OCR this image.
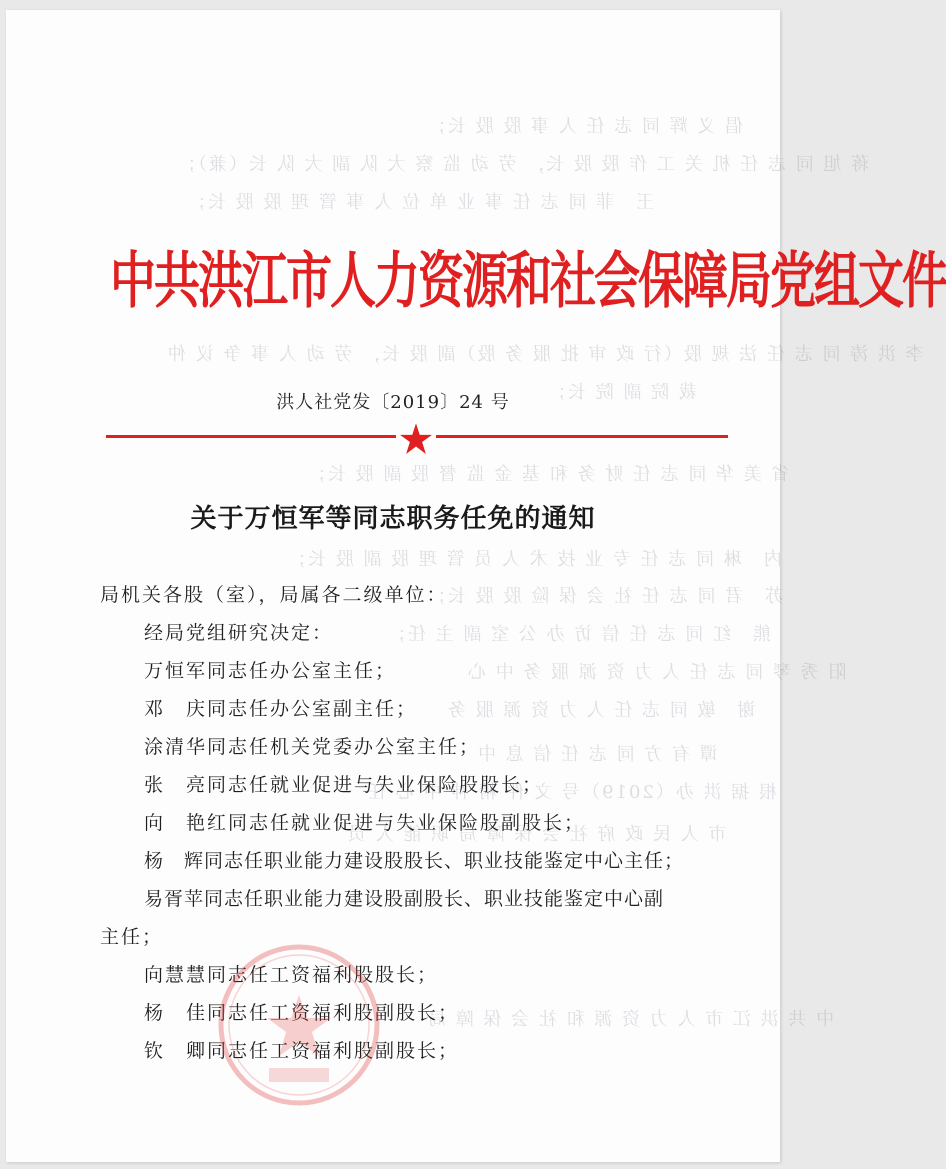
倡 义 辉 同 志 任 人 事 股 股 长；
蒋 旭 同 志 任 机 关 工 作 股 股 长， 劳 动 监 察 大 队 副 大 队 长（兼）；
王　菲 同 志 任 事 业 单 位 人 事 管 理 股 股 长；
李 洪 涛 同 志 任 法 规 股（行 政 审 批 服 务 股）副 股 长， 劳 动 人 事 争 议 仲
裁 院 副 院 长；
省 美 华 同 志 任 财 务 和 基 金 监 督 股 副 股 长；
内　琳 同 志 任 专 业 技 术 人 员 管 理 股 副 股 长；
苏　君 同 志 任 社 会 保 险 股 股 长；
熊　红 同 志 任 信 访 办 公 室 副 主 任；
阳 秀 琴 同 志 任 人 力 资 源 服 务 中 心
谢　敏 同 志 任 人 力 资 源 服 务
谭 有 方 同 志 任 信 息 中
根 据 洪 办（2019）号 文 件 精 神 中 心 任
市 人 民 政 府 社 会 保 障 局 职 能 人 员
中 共 洪 江 市 人 力 资 源 和 社 会 保 障 局
中共洪江市人力资源和社会保障局党组文件
洪人社党发〔2019〕24 号
关于万恒军等同志职务任免的通知
局机关各股（室），局属各二级单位：
经局党组研究决定：
万恒军同志任办公室主任；
邓　庆同志任办公室副主任；
涂清华同志任机关党委办公室主任；
张　亮同志任就业促进与失业保险股股长；
向　艳红同志任就业促进与失业保险股副股长；
杨　辉同志任职业能力建设股股长、职业技能鉴定中心主任；
易胥苹同志任职业能力建设股副股长、职业技能鉴定中心副
主任；
向慧慧同志任工资福利股股长；
杨　佳同志任工资福利股副股长；
钦　卿同志任工资福利股副股长；
